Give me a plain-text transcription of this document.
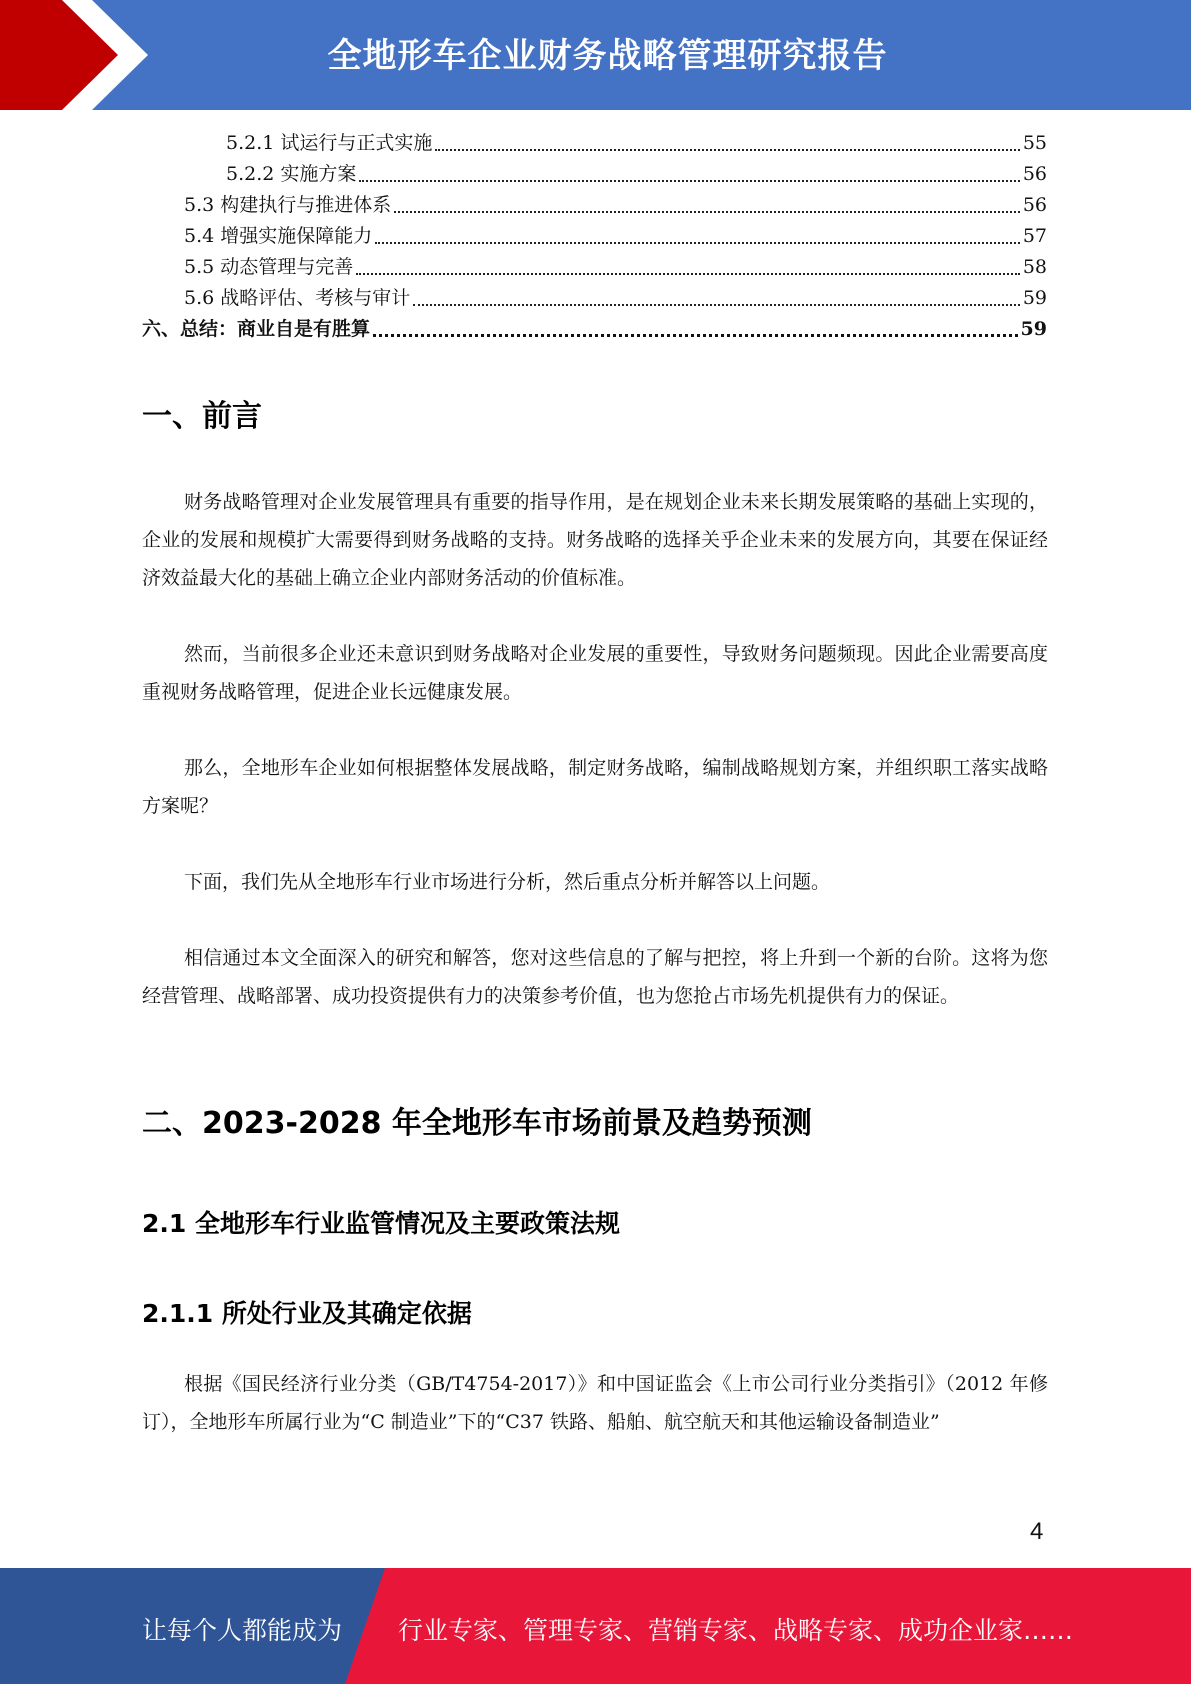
全地形车企业财务战略管理研究报告
5.2.1 试运行与正式实施	55
5.2.2 实施方案	56
5.3 构建执行与推进体系	56
5.4 增强实施保障能力	57
5.5 动态管理与完善	58
5.6 战略评估、考核与审计	59
六、总结：商业自是有胜算	59
一、前言
财务战略管理对企业发展管理具有重要的指导作用，是在规划企业未来长期发展策略的基础上实现的，企业的发展和规模扩大需要得到财务战略的支持。财务战略的选择关乎企业未来的发展方向，其要在保证经济效益最大化的基础上确立企业内部财务活动的价值标准。
然而，当前很多企业还未意识到财务战略对企业发展的重要性，导致财务问题频现。因此企业需要高度重视财务战略管理，促进企业长远健康发展。
那么，全地形车企业如何根据整体发展战略，制定财务战略，编制战略规划方案，并组织职工落实战略方案呢？
下面，我们先从全地形车行业市场进行分析，然后重点分析并解答以上问题。
相信通过本文全面深入的研究和解答，您对这些信息的了解与把控，将上升到一个新的台阶。这将为您经营管理、战略部署、成功投资提供有力的决策参考价值，也为您抢占市场先机提供有力的保证。
二、2023-2028 年全地形车市场前景及趋势预测
2.1 全地形车行业监管情况及主要政策法规
2.1.1 所处行业及其确定依据
根据《国民经济行业分类（GB/T4754-2017）》和中国证监会《上市公司行业分类指引》（2012 年修订），全地形车所属行业为“C 制造业”下的“C37 铁路、船舶、航空航天和其他运输设备制造业”
4
让每个人都能成为 行业专家、管理专家、营销专家、战略专家、成功企业家……
